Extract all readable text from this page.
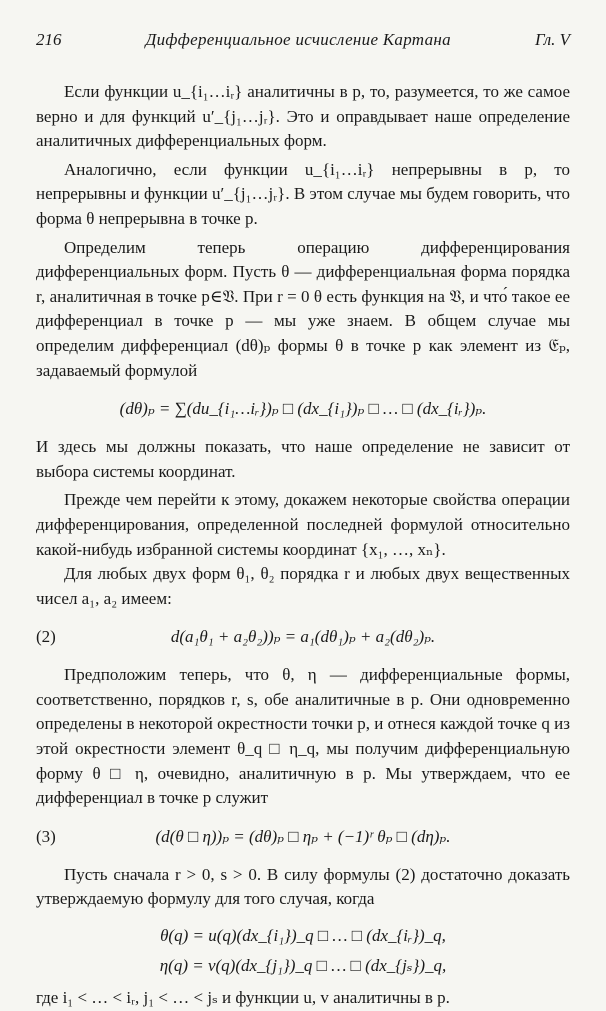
216	Дифференциальное исчисление Картана	Гл. V

Если функции u_{i₁…iᵣ} аналитичны в p, то, разумеется, то же самое верно и для функций u′_{j₁…jᵣ}. Это и оправдывает наше определение аналитичных дифференциальных форм.

Аналогично, если функции u_{i₁…iᵣ} непрерывны в p, то непрерывны и функции u′_{j₁…jᵣ}. В этом случае мы будем говорить, что форма θ непрерывна в точке p.

Определим теперь операцию дифференцирования дифференциальных форм. Пусть θ — дифференциальная форма порядка r, аналитичная в точке p∈𝔙. При r = 0 θ есть функция на 𝔙, и что́ такое ее дифференциал в точке p — мы уже знаем. В общем случае мы определим дифференциал (dθ)ₚ формы θ в точке p как элемент из 𝔈ₚ, задаваемый формулой

(dθ)ₚ = ∑(du_{i₁…iᵣ})ₚ □ (dx_{i₁})ₚ □ … □ (dx_{iᵣ})ₚ.

И здесь мы должны показать, что наше определение не зависит от выбора системы координат.

Прежде чем перейти к этому, докажем некоторые свойства операции дифференцирования, определенной последней формулой относительно какой-нибудь избранной системы координат {x₁, …, xₙ}.

Для любых двух форм θ₁, θ₂ порядка r и любых двух вещественных чисел a₁, a₂ имеем:

(2)	d(a₁θ₁ + a₂θ₂))ₚ = a₁(dθ₁)ₚ + a₂(dθ₂)ₚ.

Предположим теперь, что θ, η — дифференциальные формы, соответственно, порядков r, s, обе аналитичные в p. Они одновременно определены в некоторой окрестности точки p, и отнеся каждой точке q из этой окрестности элемент θ_q □ η_q, мы получим дифференциальную форму θ □ η, очевидно, аналитичную в p. Мы утверждаем, что ее дифференциал в точке p служит

(3)	(d(θ □ η))ₚ = (dθ)ₚ □ ηₚ + (−1)ʳ θₚ □ (dη)ₚ.

Пусть сначала r > 0, s > 0. В силу формулы (2) достаточно доказать утверждаемую формулу для того случая, когда

θ(q) = u(q)(dx_{i₁})_q □ … □ (dx_{iᵣ})_q,
η(q) = v(q)(dx_{j₁})_q □ … □ (dx_{jₛ})_q,

где i₁ < … < iᵣ, j₁ < … < jₛ и функции u, v аналитичны в p.
